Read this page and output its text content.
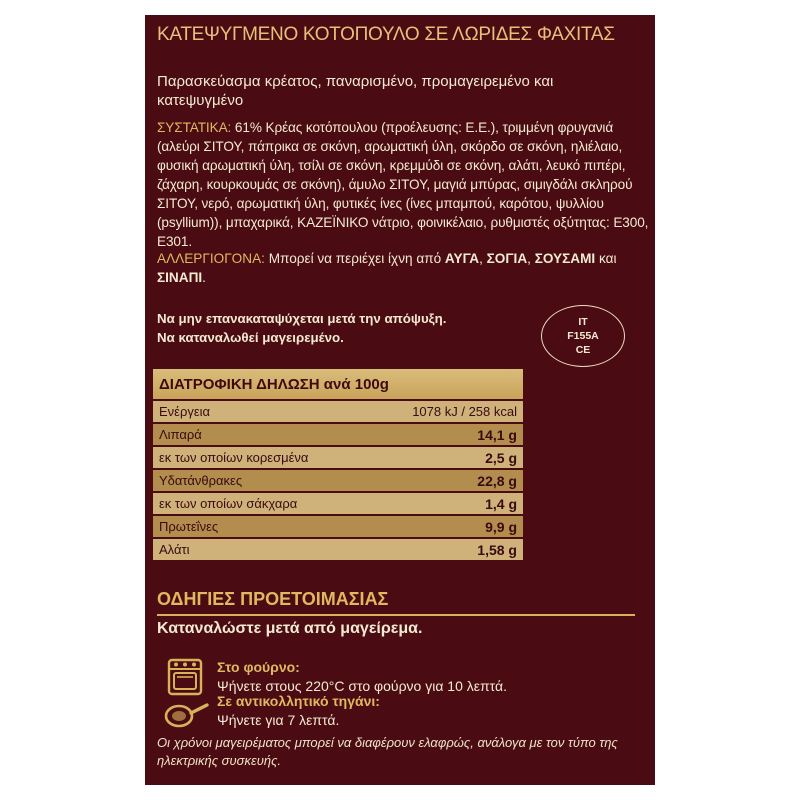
ΚΑΤΕΨΥΓΜΕΝΟ ΚΟΤΟΠΟΥΛΟ ΣΕ ΛΩΡΙΔΕΣ ΦΑΧΙΤΑΣ
Παρασκεύασμα κρέατος, παναρισμένο, προμαγειρεμένο και κατεψυγμένο
ΣΥΣΤΑΤΙΚΑ: 61% Κρέας κοτόπουλου (προέλευσης: Ε.Ε.), τριμμένη φρυγανιά (αλεύρι ΣΙΤΟΥ, πάπρικα σε σκόνη, αρωματική ύλη, σκόρδο σε σκόνη, ηλιέλαιο, φυσική αρωματική ύλη, τσίλι σε σκόνη, κρεμμύδι σε σκόνη, αλάτι, λευκό πιπέρι, ζάχαρη, κουρκουμάς σε σκόνη), άμυλο ΣΙΤΟΥ, μαγιά μπύρας, σιμιγδάλι σκληρού ΣΙΤΟΥ, νερό, αρωματική ύλη, φυτικές ίνες (ίνες μπαμπού, καρότου, ψυλλίου (psyllium)), μπαχαρικά, ΚΑΖΕΪΝΙΚΟ νάτριο, φοινικέλαιο, ρυθμιστές οξύτητας: Ε300, Ε301.
ΑΛΛΕΡΓΙΟΓΟΝΑ: Μπορεί να περιέχει ίχνη από ΑΥΓΑ, ΣΟΓΙΑ, ΣΟΥΣΑΜΙ και ΣΙΝΑΠΙ.
Να μην επανακαταψύχεται μετά την απόψυξη.
Να καταναλωθεί μαγειρεμένο.
IT
F155A
CE
ΔΙΑΤΡΟΦΙΚΗ ΔΗΛΩΣΗ ανά 100g
Ενέργεια	1078 kJ / 258 kcal
Λιπαρά	14,1 g
εκ των οποίων κορεσμένα	2,5 g
Υδατάνθρακες	22,8 g
εκ των οποίων σάκχαρα	1,4 g
Πρωτεΐνες	9,9 g
Αλάτι	1,58 g
ΟΔΗΓΙΕΣ ΠΡΟΕΤΟΙΜΑΣΙΑΣ
Καταναλώστε μετά από μαγείρεμα.
Στο φούρνο:
Ψήνετε στους 220°C στο φούρνο για 10 λεπτά.
Σε αντικολλητικό τηγάνι:
Ψήνετε για 7 λεπτά.
Οι χρόνοι μαγειρέματος μπορεί να διαφέρουν ελαφρώς, ανάλογα με τον τύπο της ηλεκτρικής συσκευής.
